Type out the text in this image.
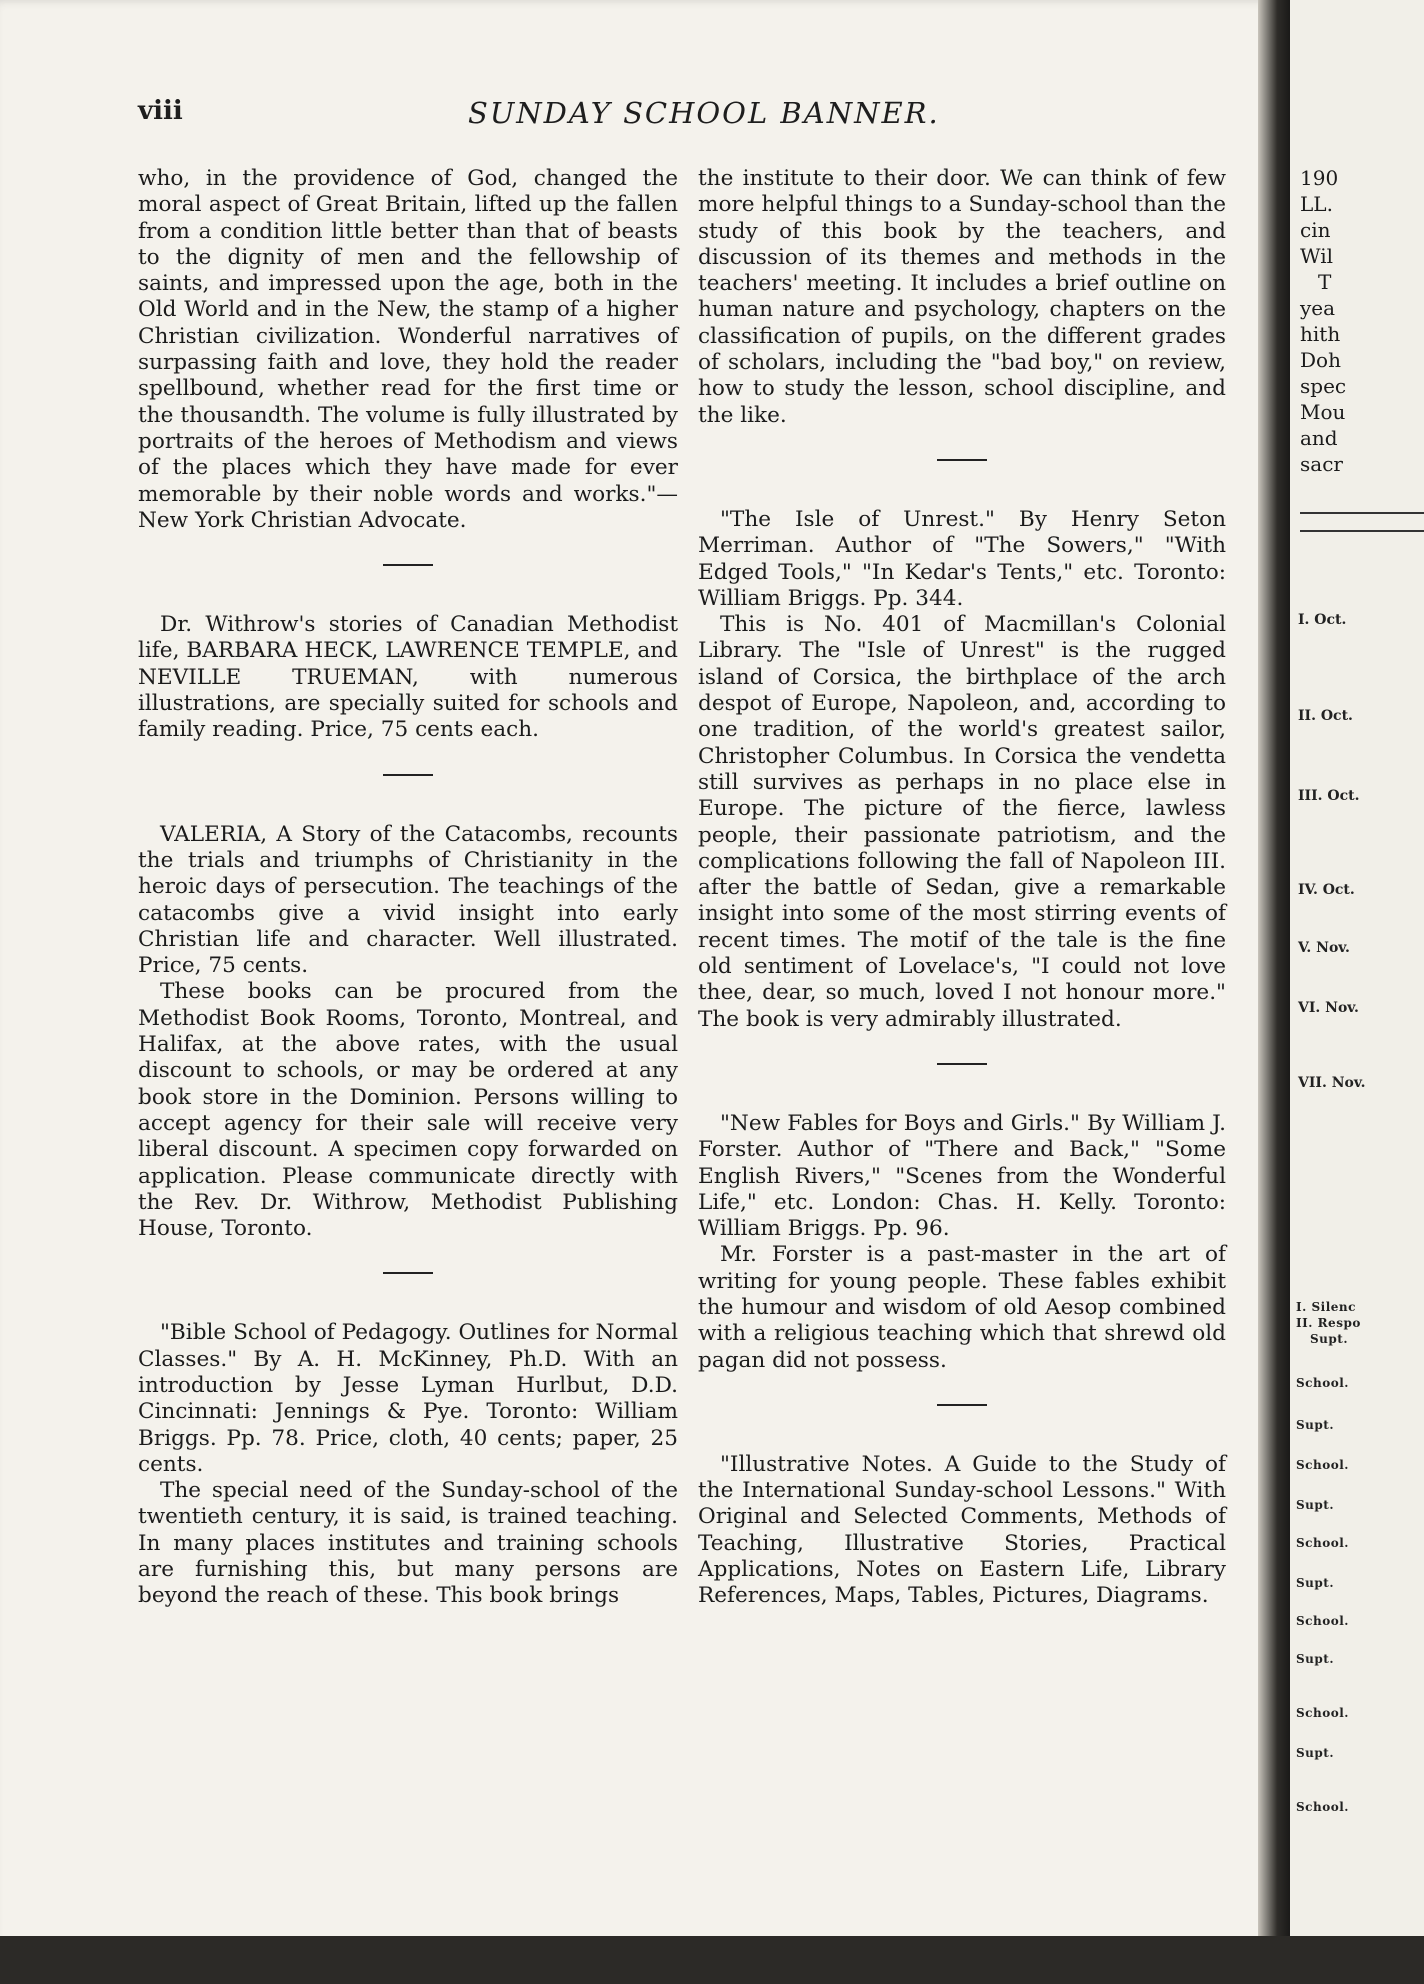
viii	SUNDAY SCHOOL BANNER.

who, in the providence of God, changed the moral aspect of Great Britain, lifted up the fallen from a condition little better than that of beasts to the dignity of men and the fellowship of saints, and impressed upon the age, both in the Old World and in the New, the stamp of a higher Christian civilization. Wonderful narratives of surpassing faith and love, they hold the reader spellbound, whether read for the first time or the thousandth. The volume is fully illustrated by portraits of the heroes of Methodism and views of the places which they have made for ever memorable by their noble words and works."—New York Christian Advocate.

Dr. Withrow's stories of Canadian Methodist life, BARBARA HECK, LAWRENCE TEMPLE, and NEVILLE TRUEMAN, with numerous illustrations, are specially suited for schools and family reading. Price, 75 cents each.

VALERIA, A Story of the Catacombs, recounts the trials and triumphs of Christianity in the heroic days of persecution. The teachings of the catacombs give a vivid insight into early Christian life and character. Well illustrated. Price, 75 cents.

These books can be procured from the Methodist Book Rooms, Toronto, Montreal, and Halifax, at the above rates, with the usual discount to schools, or may be ordered at any book store in the Dominion. Persons willing to accept agency for their sale will receive very liberal discount. A specimen copy forwarded on application. Please communicate directly with the Rev. Dr. Withrow, Methodist Publishing House, Toronto.

"Bible School of Pedagogy. Outlines for Normal Classes." By A. H. McKinney, Ph.D. With an introduction by Jesse Lyman Hurlbut, D.D. Cincinnati: Jennings & Pye. Toronto: William Briggs. Pp. 78. Price, cloth, 40 cents; paper, 25 cents.

The special need of the Sunday-school of the twentieth century, it is said, is trained teaching. In many places institutes and training schools are furnishing this, but many persons are beyond the reach of these. This book brings

the institute to their door. We can think of few more helpful things to a Sunday-school than the study of this book by the teachers, and discussion of its themes and methods in the teachers' meeting. It includes a brief outline on human nature and psychology, chapters on the classification of pupils, on the different grades of scholars, including the "bad boy," on review, how to study the lesson, school discipline, and the like.

"The Isle of Unrest." By Henry Seton Merriman. Author of "The Sowers," "With Edged Tools," "In Kedar's Tents," etc. Toronto: William Briggs. Pp. 344.

This is No. 401 of Macmillan's Colonial Library. The "Isle of Unrest" is the rugged island of Corsica, the birthplace of the arch despot of Europe, Napoleon, and, according to one tradition, of the world's greatest sailor, Christopher Columbus. In Corsica the vendetta still survives as perhaps in no place else in Europe. The picture of the fierce, lawless people, their passionate patriotism, and the complications following the fall of Napoleon III. after the battle of Sedan, give a remarkable insight into some of the most stirring events of recent times. The motif of the tale is the fine old sentiment of Lovelace's, "I could not love thee, dear, so much, loved I not honour more." The book is very admirably illustrated.

"New Fables for Boys and Girls." By William J. Forster. Author of "There and Back," "Some English Rivers," "Scenes from the Wonderful Life," etc. London: Chas. H. Kelly. Toronto: William Briggs. Pp. 96.

Mr. Forster is a past-master in the art of writing for young people. These fables exhibit the humour and wisdom of old Aesop combined with a religious teaching which that shrewd old pagan did not possess.

"Illustrative Notes. A Guide to the Study of the International Sunday-school Lessons." With Original and Selected Comments, Methods of Teaching, Illustrative Stories, Practical Applications, Notes on Eastern Life, Library References, Maps, Tables, Pictures, Diagrams.

190
LL.
cin
Wil
T
yea
hith
Doh
spec
Mou
and
sacr
I. Oct.
II. Oct.
III. Oct.
IV. Oct.
V. Nov.
VI. Nov.
VII. Nov.
I. Silenc
II. Respo
Supt.
School.
Supt.
School.
Supt.
School.
Supt.
School.
Supt.
School.
Supt.
School.
